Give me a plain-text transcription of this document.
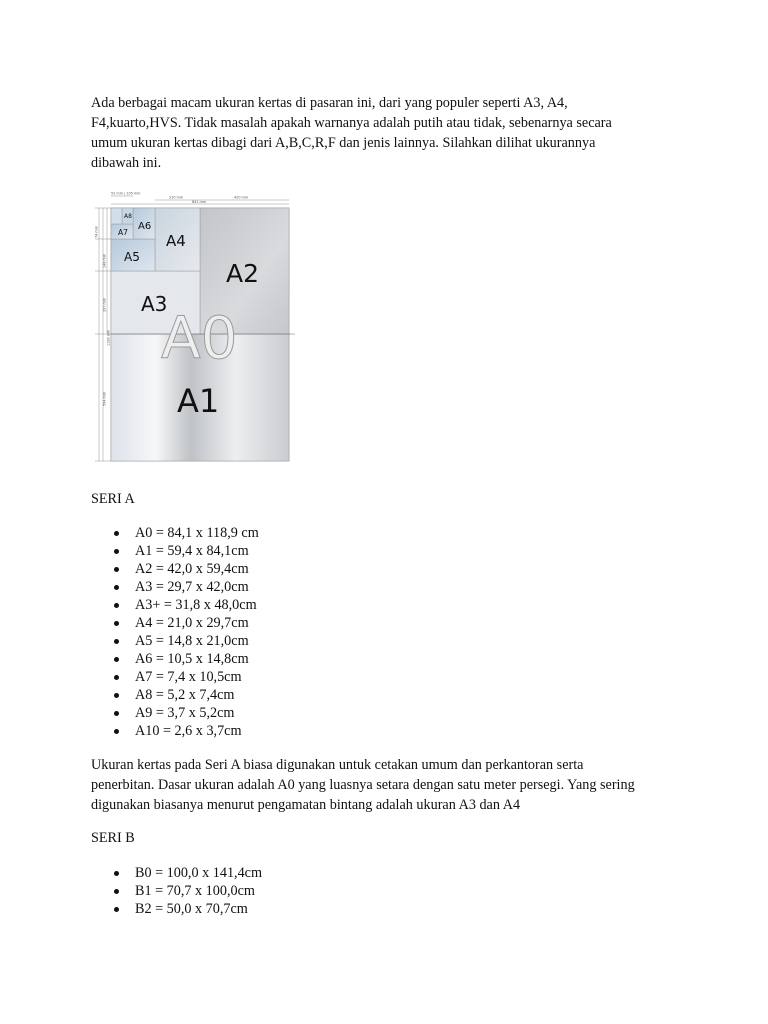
Ada berbagai macam ukuran kertas di pasaran ini, dari yang populer seperti A3, A4,
F4,kuarto,HVS. Tidak masalah apakah warnanya adalah putih atau tidak, sebenarnya secara
umum ukuran kertas dibagi dari A,B,C,R,F dan jenis lainnya. Silahkan dilihat ukurannya
dibawah ini.

52 mm | 105 mm
210 mm	420 mm
841 mm
74 mm
148 mm
297 mm
594 mm
1189 mm A0
A1
A2
A3
A4
A5
A6
A7
A8

SERI A

A0 = 84,1 x 118,9 cm
A1 = 59,4 x 84,1cm
A2 = 42,0 x 59,4cm
A3 = 29,7 x 42,0cm
A3+ = 31,8 x 48,0cm
A4 = 21,0 x 29,7cm
A5 = 14,8 x 21,0cm
A6 = 10,5 x 14,8cm
A7 = 7,4 x 10,5cm
A8 = 5,2 x 7,4cm
A9 = 3,7 x 5,2cm
A10 = 2,6 x 3,7cm

Ukuran kertas pada Seri A biasa digunakan untuk cetakan umum dan perkantoran serta
penerbitan. Dasar ukuran adalah A0 yang luasnya setara dengan satu meter persegi. Yang sering
digunakan biasanya menurut pengamatan bintang adalah ukuran A3 dan A4

SERI B

B0 = 100,0 x 141,4cm
B1 = 70,7 x 100,0cm
B2 = 50,0 x 70,7cm
